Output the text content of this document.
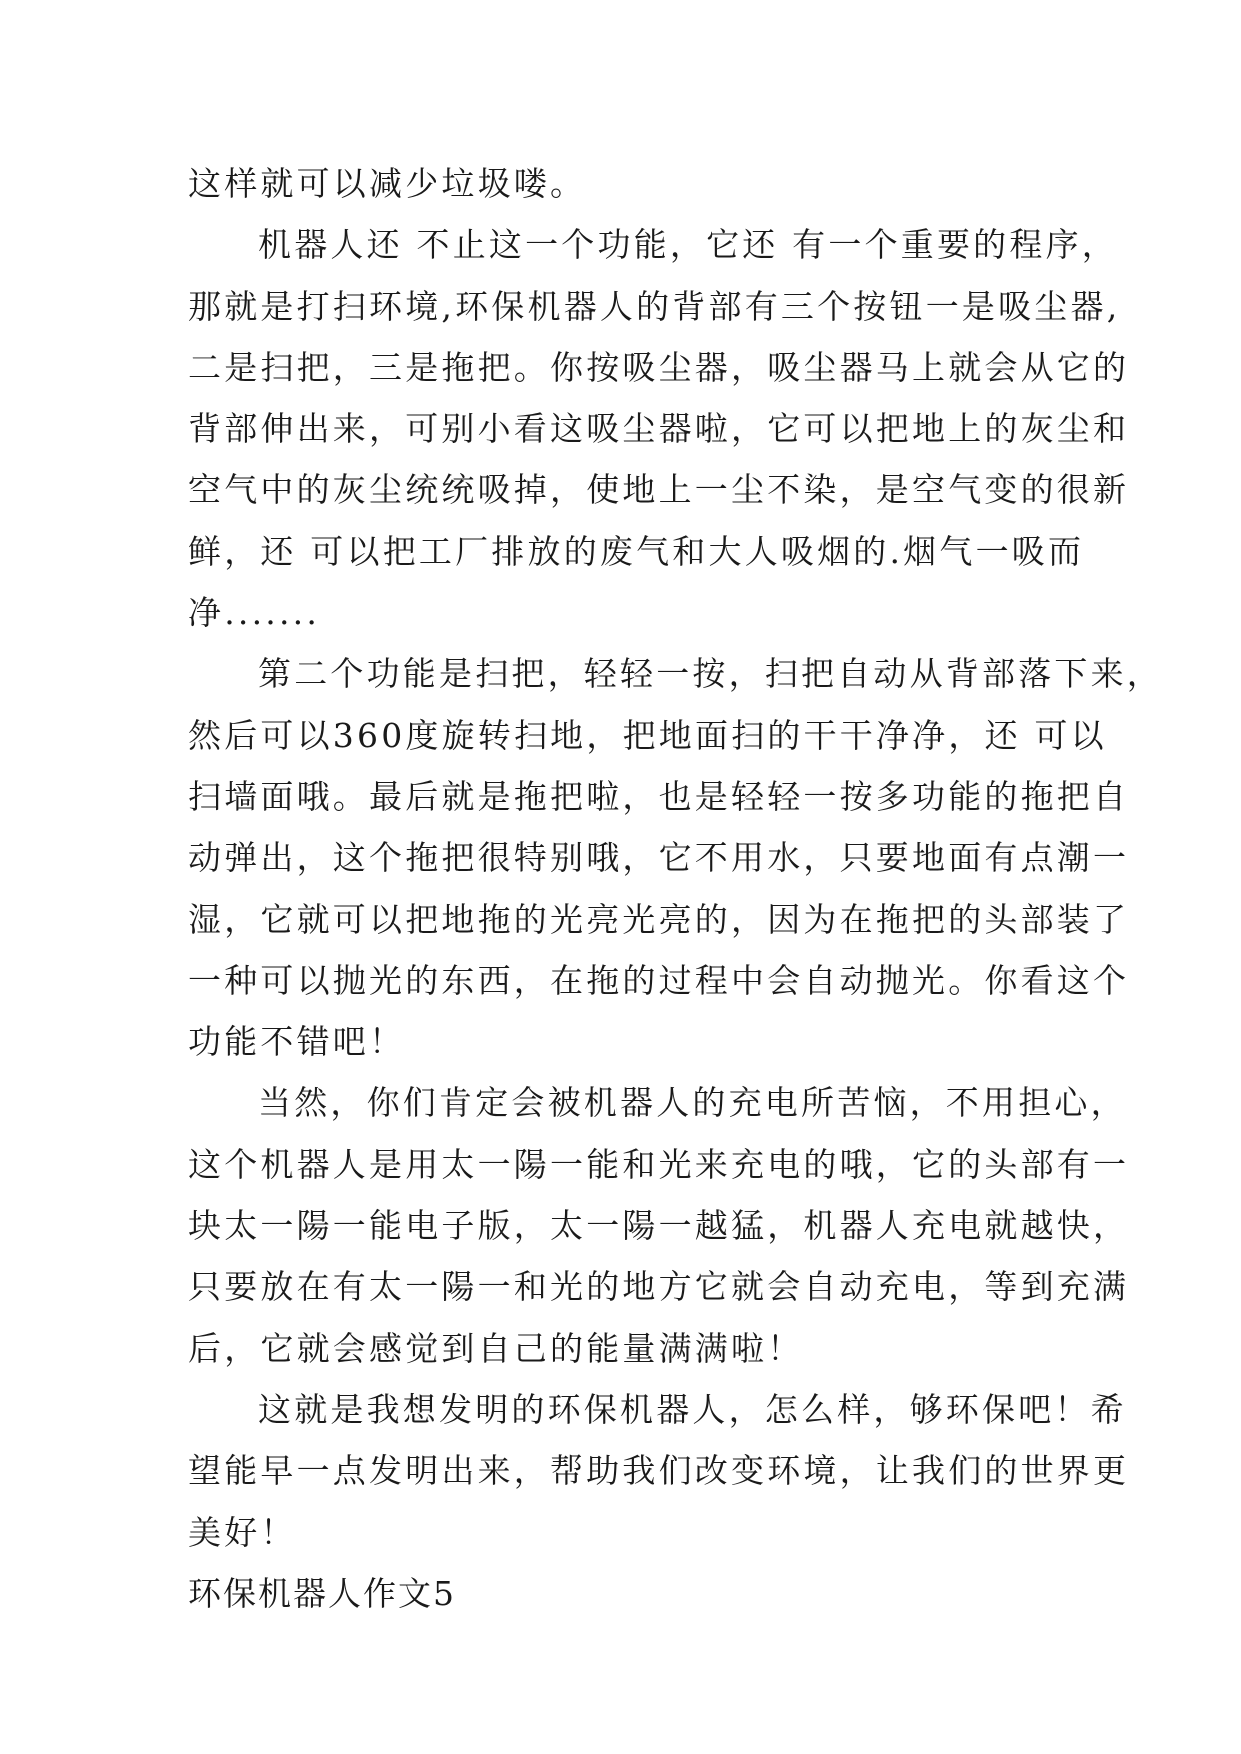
这样就可以减少垃圾喽。
机器人还 不止这一个功能，它还 有一个重要的程序，
那就是打扫环境,环保机器人的背部有三个按钮一是吸尘器,
二是扫把，三是拖把。你按吸尘器，吸尘器马上就会从它的
背部伸出来，可别小看这吸尘器啦，它可以把地上的灰尘和
空气中的灰尘统统吸掉，使地上一尘不染，是空气变的很新
鲜，还 可以把工厂排放的废气和大人吸烟的.烟气一吸而
净.......
第二个功能是扫把，轻轻一按，扫把自动从背部落下来，
然后可以360度旋转扫地，把地面扫的干干净净，还 可以
扫墙面哦。最后就是拖把啦，也是轻轻一按多功能的拖把自
动弹出，这个拖把很特别哦，它不用水，只要地面有点潮一
湿，它就可以把地拖的光亮光亮的，因为在拖把的头部装了
一种可以抛光的东西，在拖的过程中会自动抛光。你看这个
功能不错吧！
当然，你们肯定会被机器人的充电所苦恼，不用担心，
这个机器人是用太一陽一能和光来充电的哦，它的头部有一
块太一陽一能电子版，太一陽一越猛，机器人充电就越快，
只要放在有太一陽一和光的地方它就会自动充电，等到充满
后，它就会感觉到自己的能量满满啦！
这就是我想发明的环保机器人，怎么样，够环保吧！希
望能早一点发明出来，帮助我们改变环境，让我们的世界更
美好！
环保机器人作文5
